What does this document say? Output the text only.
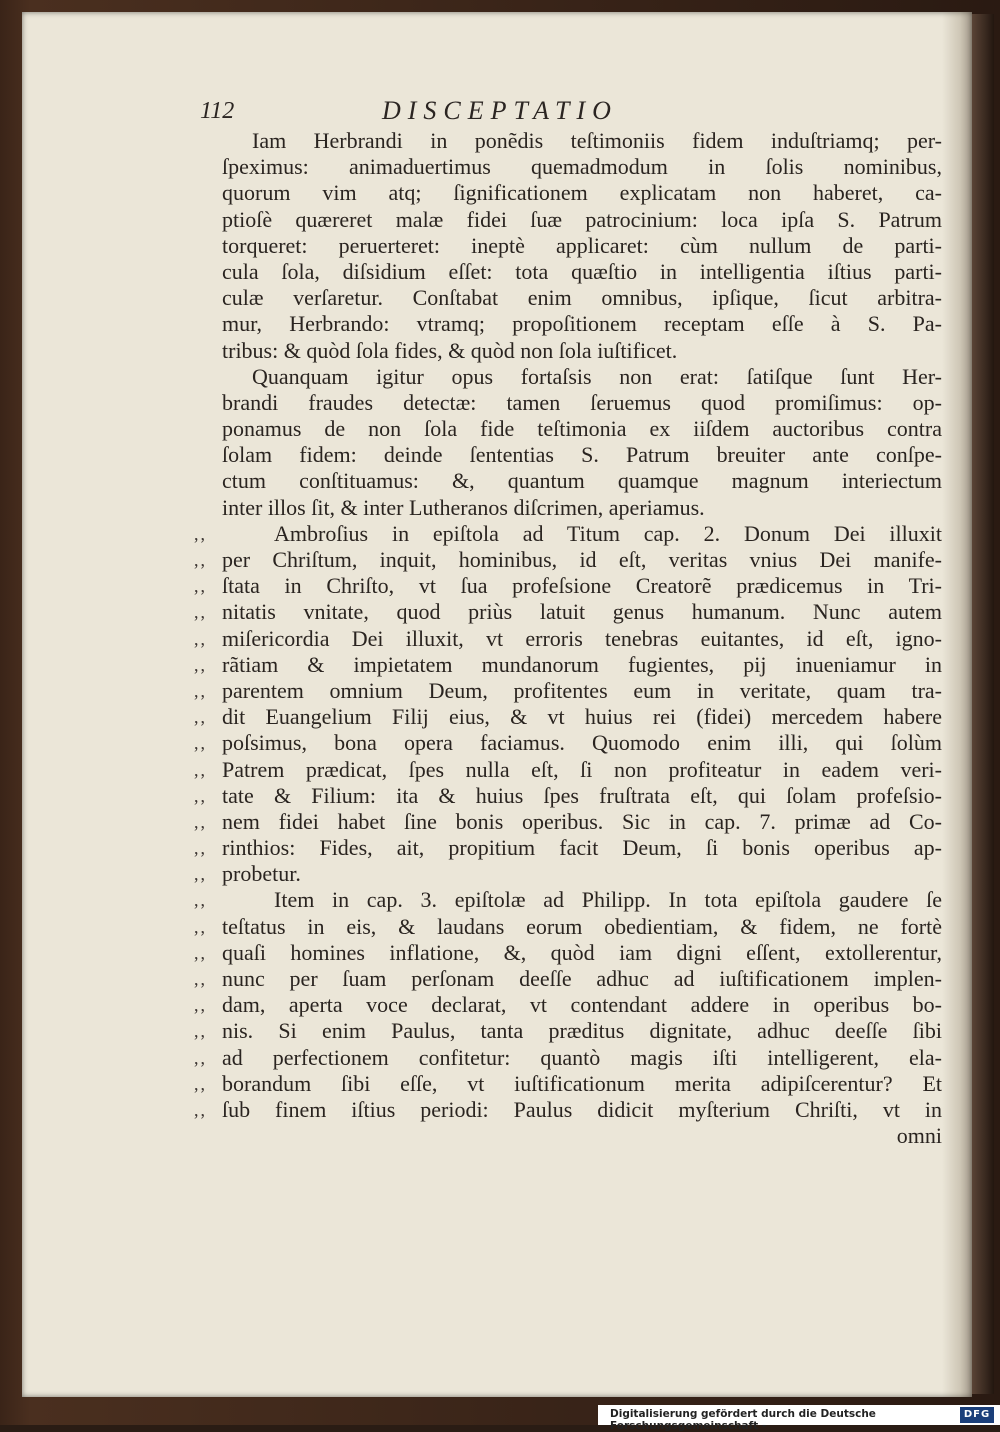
112	DISCEPTATIO
Iam Herbrandi in ponẽdis teſtimoniis fidem induſtriamq; per-
ſpeximus: animaduertimus quemadmodum in ſolis nominibus,
quorum vim atq; ſignificationem explicatam non haberet, ca-
ptioſè quæreret malæ fidei ſuæ patrocinium: loca ipſa S. Patrum
torqueret: peruerteret: ineptè applicaret: cùm nullum de parti-
cula ſola, diſsidium eſſet: tota quæſtio in intelligentia iſtius parti-
culæ verſaretur. Conſtabat enim omnibus, ipſique, ſicut arbitra-
mur, Herbrando: vtramq; propoſitionem receptam eſſe à S. Pa-
tribus: & quòd ſola fides, & quòd non ſola iuſtificet.
Quanquam igitur opus fortaſsis non erat: ſatiſque ſunt Her-
brandi fraudes detectæ: tamen ſeruemus quod promiſimus: op-
ponamus de non ſola fide teſtimonia ex iiſdem auctoribus contra
ſolam fidem: deinde ſententias S. Patrum breuiter ante conſpe-
ctum conſtituamus: &, quantum quamque magnum interiectum
inter illos ſit, & inter Lutheranos diſcrimen, aperiamus.
,,	Ambroſius in epiſtola ad Titum cap. 2. Donum Dei illuxit
,, per Chriſtum, inquit, hominibus, id eſt, veritas vnius Dei manife-
,, ſtata in Chriſto, vt ſua profeſsione Creatorẽ prædicemus in Tri-
,, nitatis vnitate, quod priùs latuit genus humanum. Nunc autem
,, miſericordia Dei illuxit, vt erroris tenebras euitantes, id eſt, igno-
,, rãtiam & impietatem mundanorum fugientes, pij inueniamur in
,, parentem omnium Deum, profitentes eum in veritate, quam tra-
,, dit Euangelium Filij eius, & vt huius rei (fidei) mercedem habere
,, poſsimus, bona opera faciamus. Quomodo enim illi, qui ſolùm
,, Patrem prædicat, ſpes nulla eſt, ſi non profiteatur in eadem veri-
,, tate & Filium: ita & huius ſpes fruſtrata eſt, qui ſolam profeſsio-
,, nem fidei habet ſine bonis operibus. Sic in cap. 7. primæ ad Co-
,, rinthios: Fides, ait, propitium facit Deum, ſi bonis operibus ap-
,, probetur.
,,	Item in cap. 3. epiſtolæ ad Philipp. In tota epiſtola gaudere ſe
,, teſtatus in eis, & laudans eorum obedientiam, & fidem, ne fortè
,, quaſi homines inflatione, &, quòd iam digni eſſent, extollerentur,
,, nunc per ſuam perſonam deeſſe adhuc ad iuſtificationem implen-
,, dam, aperta voce declarat, vt contendant addere in operibus bo-
,, nis. Si enim Paulus, tanta præditus dignitate, adhuc deeſſe ſibi
,, ad perfectionem confitetur: quantò magis iſti intelligerent, ela-
,, borandum ſibi eſſe, vt iuſtificationum merita adipiſcerentur? Et
,, ſub finem iſtius periodi: Paulus didicit myſterium Chriſti, vt in
omni
Digitalisierung gefördert durch die Deutsche Forschungsgemeinschaft -
DFG
